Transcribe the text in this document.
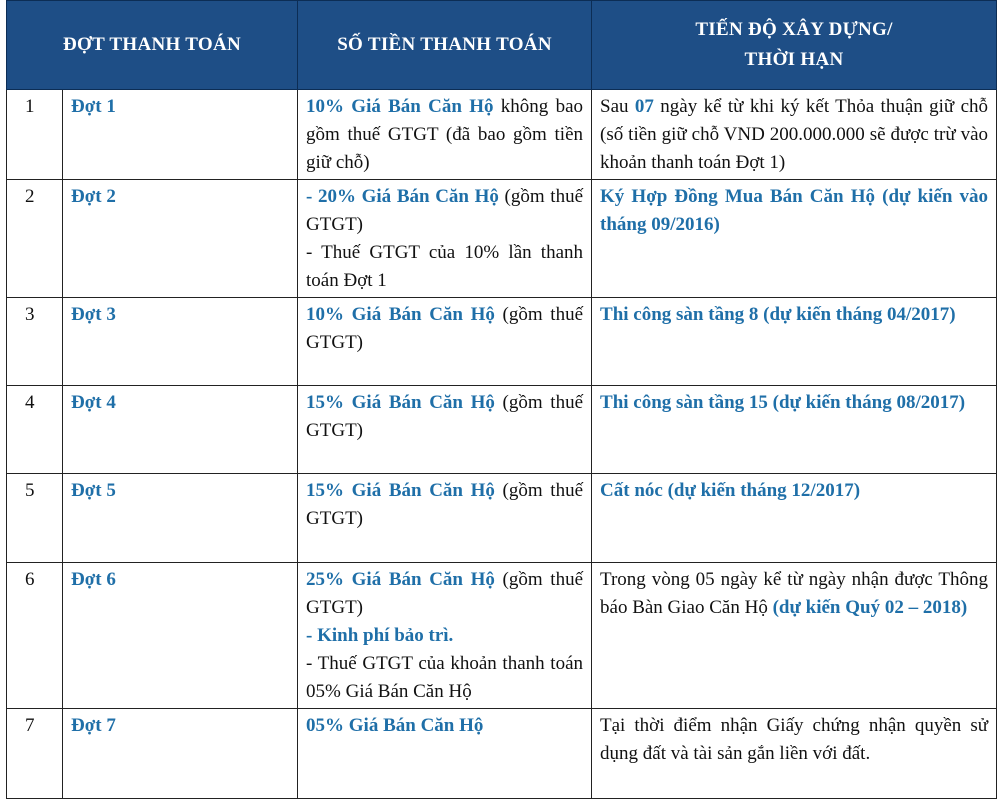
ĐỢT THANH TOÁN		SỐ TIỀN THANH TOÁN	TIẾN ĐỘ XÂY DỰNG/
THỜI HẠN

1	Đợt 1	10% Giá Bán Căn Hộ không bao gồm thuế GTGT (đã bao gồm tiền giữ chỗ)	Sau 07 ngày kể từ khi ký kết Thỏa thuận giữ chỗ (số tiền giữ chỗ VND 200.000.000 sẽ được trừ vào khoản thanh toán Đợt 1)
2	Đợt 2	- 20% Giá Bán Căn Hộ (gồm thuế GTGT)
- Thuế GTGT của 10% lần thanh toán Đợt 1	Ký Hợp Đồng Mua Bán Căn Hộ (dự kiến vào tháng 09/2016)
3	Đợt 3	10% Giá Bán Căn Hộ (gồm thuế GTGT)	Thi công sàn tầng 8 (dự kiến tháng 04/2017)
4	Đợt 4	15% Giá Bán Căn Hộ (gồm thuế GTGT)	Thi công sàn tầng 15 (dự kiến tháng 08/2017)
5	Đợt 5	15% Giá Bán Căn Hộ (gồm thuế GTGT)	Cất nóc (dự kiến tháng 12/2017)
6	Đợt 6	25% Giá Bán Căn Hộ (gồm thuế GTGT)
- Kinh phí bảo trì.
- Thuế GTGT của khoản thanh toán 05% Giá Bán Căn Hộ	Trong vòng 05 ngày kể từ ngày nhận được Thông báo Bàn Giao Căn Hộ (dự kiến Quý 02 – 2018)
7	Đợt 7	05% Giá Bán Căn Hộ	Tại thời điểm nhận Giấy chứng nhận quyền sử dụng đất và tài sản gắn liền với đất.
